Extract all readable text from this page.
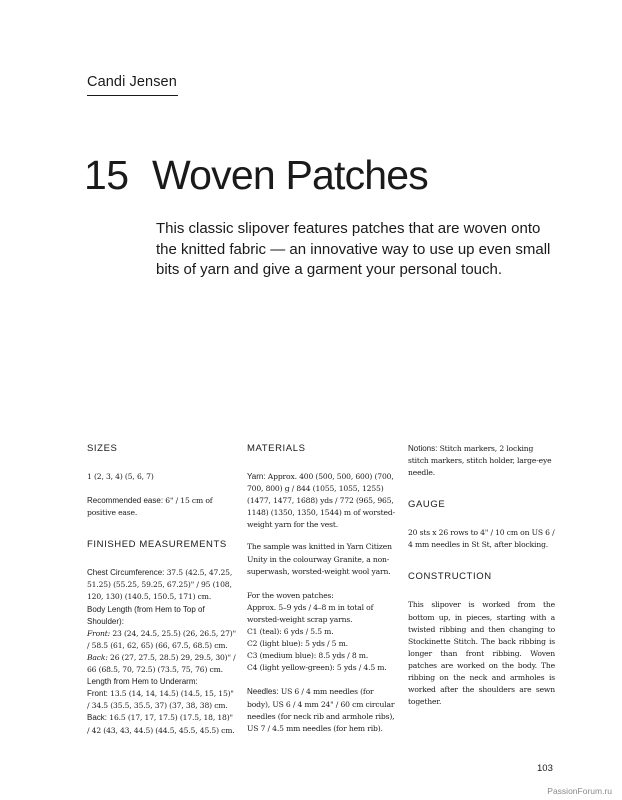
Candi Jensen
15 Woven Patches

This classic slipover features patches that are woven onto the knitted fabric — an innovative way to use up even small bits of yarn and give a garment your personal touch.

SIZES

1 (2, 3, 4) (5, 6, 7)

Recommended ease: 6" / 15 cm of positive ease.

FINISHED MEASUREMENTS
Chest Circumference: 37.5 (42.5, 47.25, 51.25) (55.25, 59.25, 67.25)" / 95 (108, 120, 130) (140.5, 150.5, 171) cm.
Body Length (from Hem to Top of Shoulder):
Front: 23 (24, 24.5, 25.5) (26, 26.5, 27)" / 58.5 (61, 62, 65) (66, 67.5, 68.5) cm.
Back: 26 (27, 27.5, 28.5) 29, 29.5, 30)" / 66 (68.5, 70, 72.5) (73.5, 75, 76) cm.
Length from Hem to Underarm:
Front: 13.5 (14, 14, 14.5) (14.5, 15, 15)" / 34.5 (35.5, 35.5, 37) (37, 38, 38) cm.
Back: 16.5 (17, 17, 17.5) (17.5, 18, 18)" / 42 (43, 43, 44.5) (44.5, 45.5, 45.5) cm.
MATERIALS

Yarn: Approx. 400 (500, 500, 600) (700, 700, 800) g / 844 (1055, 1055, 1255) (1477, 1477, 1688) yds / 772 (965, 965, 1148) (1350, 1350, 1544) m of worsted-weight yarn for the vest.

The sample was knitted in Yarn Citizen Unity in the colourway Granite, a non-superwash, worsted-weight wool yarn.

For the woven patches:
Approx. 5–9 yds / 4–8 m in total of worsted-weight scrap yarns.
C1 (teal): 6 yds / 5.5 m.
C2 (light blue): 5 yds / 5 m.
C3 (medium blue): 8.5 yds / 8 m.
C4 (light yellow-green): 5 yds / 4.5 m.

Needles: US 6 / 4 mm needles (for body), US 6 / 4 mm 24" / 60 cm circular needles (for neck rib and armhole ribs), US 7 / 4.5 mm needles (for hem rib).

Notions: Stitch markers, 2 locking stitch markers, stitch holder, large-eye needle.

GAUGE

20 sts x 26 rows to 4" / 10 cm on US 6 / 4 mm needles in St St, after blocking.

CONSTRUCTION

This slipover is worked from the bottom up, in pieces, starting with a twisted ribbing and then changing to Stockinette Stitch. The back ribbing is longer than front ribbing. Woven patches are worked on the body. The ribbing on the neck and armholes is worked after the shoulders are sewn together.

103
PassionForum.ru
